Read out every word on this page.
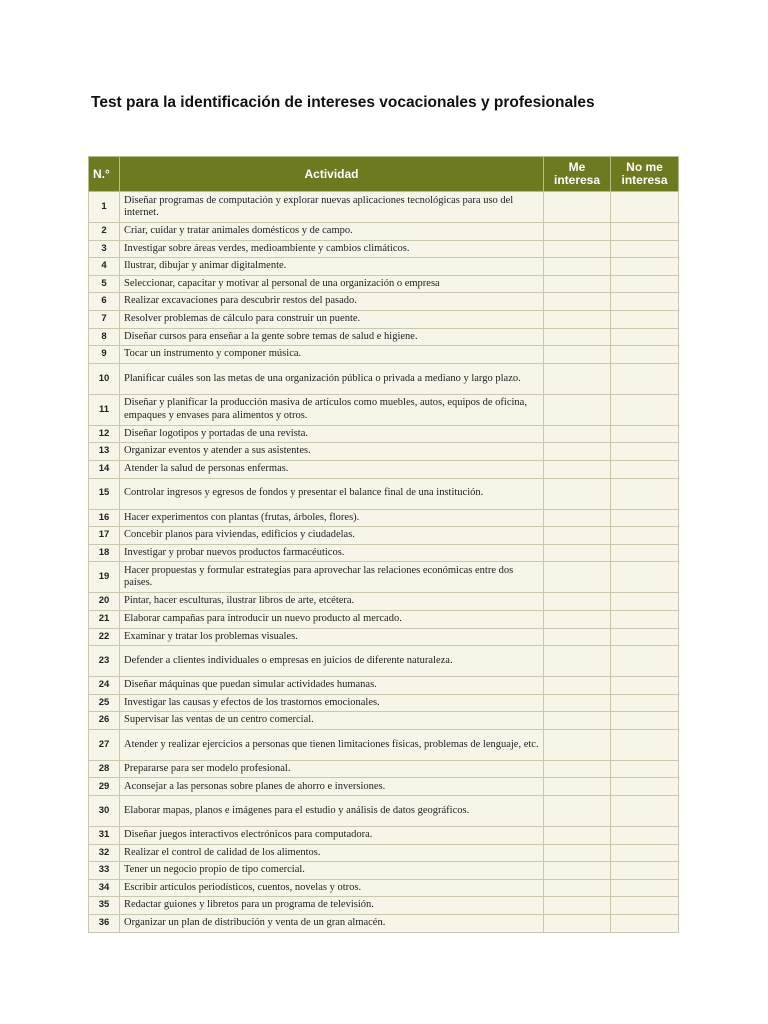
Test para la identificación de intereses vocacionales y profesionales
N.°	Actividad	Me interesa	No me interesa
1	Diseñar programas de computación y explorar nuevas aplicaciones tecnológicas para uso del internet.		
2	Criar, cuidar y tratar animales domésticos y de campo.		
3	Investigar sobre áreas verdes, medioambiente y cambios climáticos.		
4	Ilustrar, dibujar y animar digitalmente.		
5	Seleccionar, capacitar y motivar al personal de una organización o empresa		
6	Realizar excavaciones para descubrir restos del pasado.		
7	Resolver problemas de cálculo para construir un puente.		
8	Diseñar cursos para enseñar a la gente sobre temas de salud e higiene.		
9	Tocar un instrumento y componer música.		
10	Planificar cuáles son las metas de una organización pública o privada a mediano y largo plazo.		
11	Diseñar y planificar la producción masiva de artículos como muebles, autos, equipos de oficina, empaques y envases para alimentos y otros.		
12	Diseñar logotipos y portadas de una revista.		
13	Organizar eventos y atender a sus asistentes.		
14	Atender la salud de personas enfermas.		
15	Controlar ingresos y egresos de fondos y presentar el balance final de una institución.		
16	Hacer experimentos con plantas (frutas, árboles, flores).		
17	Concebir planos para viviendas, edificios y ciudadelas.		
18	Investigar y probar nuevos productos farmacéuticos.		
19	Hacer propuestas y formular estrategias para aprovechar las relaciones económicas entre dos países.		
20	Pintar, hacer esculturas, ilustrar libros de arte, etcétera.		
21	Elaborar campañas para introducir un nuevo producto al mercado.		
22	Examinar y tratar los problemas visuales.		
23	Defender a clientes individuales o empresas en juicios de diferente naturaleza.		
24	Diseñar máquinas que puedan simular actividades humanas.		
25	Investigar las causas y efectos de los trastornos emocionales.		
26	Supervisar las ventas de un centro comercial.		
27	Atender y realizar ejercicios a personas que tienen limitaciones físicas, problemas de lenguaje, etc.		
28	Prepararse para ser modelo profesional.		
29	Aconsejar a las personas sobre planes de ahorro e inversiones.		
30	Elaborar mapas, planos e imágenes para el estudio y análisis de datos geográficos.		
31	Diseñar juegos interactivos electrónicos para computadora.		
32	Realizar el control de calidad de los alimentos.		
33	Tener un negocio propio de tipo comercial.		
34	Escribir artículos periodísticos, cuentos, novelas y otros.		
35	Redactar guiones y libretos para un programa de televisión.		
36	Organizar un plan de distribución y venta de un gran almacén.		
